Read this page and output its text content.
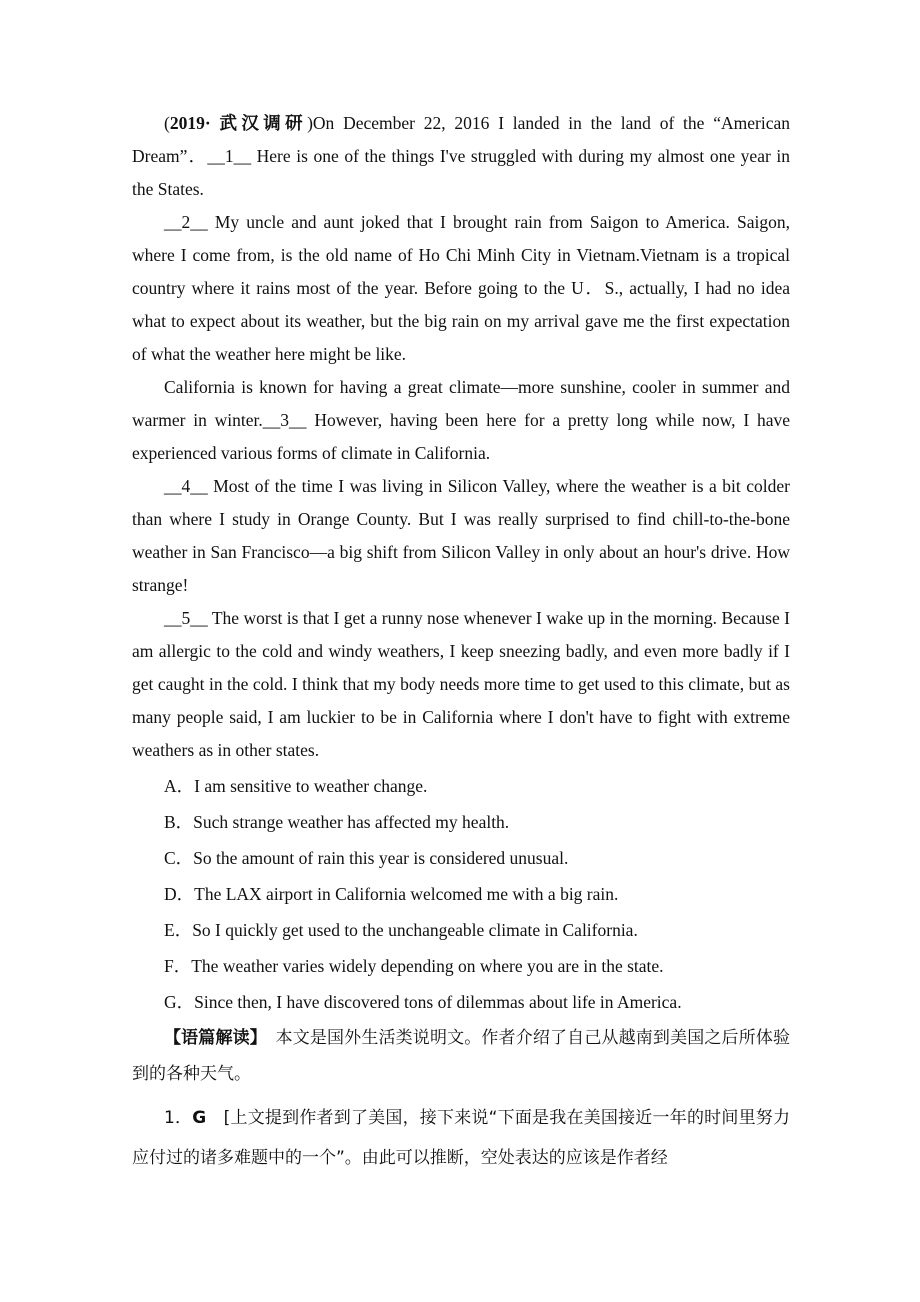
(2019· 武汉调研)On December 22, 2016 I landed in the land of the “American Dream”．__1__ Here is one of the things I've struggled with during my almost one year in the States.

__2__ My uncle and aunt joked that I brought rain from Saigon to America. Saigon, where I come from, is the old name of Ho Chi Minh City in Vietnam.Vietnam is a tropical country where it rains most of the year. Before going to the U．S., actually, I had no idea what to expect about its weather, but the big rain on my arrival gave me the first expectation of what the weather here might be like.

California is known for having a great climate—more sunshine, cooler in summer and warmer in winter.__3__ However, having been here for a pretty long while now, I have experienced various forms of climate in California.

__4__ Most of the time I was living in Silicon Valley, where the weather is a bit colder than where I study in Orange County. But I was really surprised to find chill-to-the-bone weather in San Francisco—a big shift from Silicon Valley in only about an hour's drive. How strange!

__5__ The worst is that I get a runny nose whenever I wake up in the morning. Because I am allergic to the cold and windy weathers, I keep sneezing badly, and even more badly if I get caught in the cold. I think that my body needs more time to get used to this climate, but as many people said, I am luckier to be in California where I don't have to fight with extreme weathers as in other states.

A．I am sensitive to weather change.

B．Such strange weather has affected my health.

C．So the amount of rain this year is considered unusual.

D．The LAX airport in California welcomed me with a big rain.

E．So I quickly get used to the unchangeable climate in California.

F．The weather varies widely depending on where you are in the state.

G．Since then, I have discovered tons of dilemmas about life in America.

【语篇解读】　本文是国外生活类说明文。作者介绍了自己从越南到美国之后所体验到的各种天气。

1．G　[上文提到作者到了美国，接下来说“下面是我在美国接近一年的时间里努力应付过的诸多难题中的一个”。由此可以推断，空处表达的应该是作者经
